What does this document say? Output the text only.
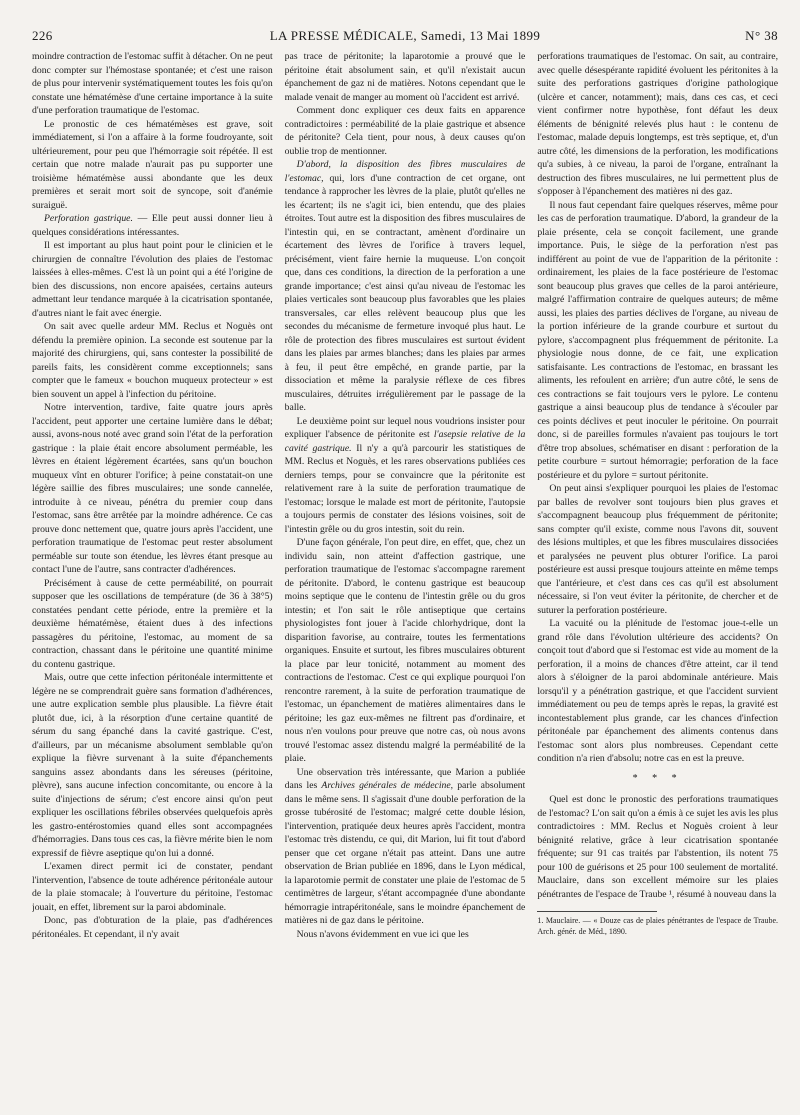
226	LA PRESSE MÉDICALE, Samedi, 13 Mai 1899	N° 38

moindre contraction de l'estomac suffit à détacher. On ne peut donc compter sur l'hémostase spontanée; et c'est une raison de plus pour intervenir systématiquement toutes les fois qu'on constate une hématémèse d'une certaine importance à la suite d'une perforation traumatique de l'estomac.

Le pronostic de ces hématémèses est grave, soit immédiatement, si l'on a affaire à la forme foudroyante, soit ultérieurement, pour peu que l'hémorragie soit répétée. Il est certain que notre malade n'aurait pas pu supporter une troisième hématémèse aussi abondante que les deux premières et serait mort soit de syncope, soit d'anémie suraiguë.

Perforation gastrique. — Elle peut aussi donner lieu à quelques considérations intéressantes.

Il est important au plus haut point pour le clinicien et le chirurgien de connaître l'évolution des plaies de l'estomac laissées à elles-mêmes. C'est là un point qui a été l'origine de bien des discussions, non encore apaisées, certains auteurs admettant leur tendance marquée à la cicatrisation spontanée, d'autres niant le fait avec énergie.

On sait avec quelle ardeur MM. Reclus et Noguès ont défendu la première opinion. La seconde est soutenue par la majorité des chirurgiens, qui, sans contester la possibilité de pareils faits, les considèrent comme exceptionnels; sans compter que le fameux « bouchon muqueux protecteur » est bien souvent un appel à l'infection du péritoine.

Notre intervention, tardive, faite quatre jours après l'accident, peut apporter une certaine lumière dans le débat; aussi, avons-nous noté avec grand soin l'état de la perforation gastrique : la plaie était encore absolument perméable, les lèvres en étaient légèrement écartées, sans qu'un bouchon muqueux vînt en obturer l'orifice; à peine constatait-on une légère saillie des fibres musculaires; une sonde cannelée, introduite à ce niveau, pénétra du premier coup dans l'estomac, sans être arrêtée par la moindre adhérence. Ce cas prouve donc nettement que, quatre jours après l'accident, une perforation traumatique de l'estomac peut rester absolument perméable sur toute son étendue, les lèvres étant presque au contact l'une de l'autre, sans contracter d'adhérences.

Précisément à cause de cette perméabilité, on pourrait supposer que les oscillations de température (de 36 à 38°5) constatées pendant cette période, entre la première et la deuxième hématémèse, étaient dues à des infections passagères du péritoine, l'estomac, au moment de sa contraction, chassant dans le péritoine une quantité minime du contenu gastrique.

Mais, outre que cette infection péritonéale intermittente et légère ne se comprendrait guère sans formation d'adhérences, une autre explication semble plus plausible. La fièvre était plutôt due, ici, à la résorption d'une certaine quantité de sérum du sang épanché dans la cavité gastrique. C'est, d'ailleurs, par un mécanisme absolument semblable qu'on explique la fièvre survenant à la suite d'épanchements sanguins assez abondants dans les séreuses (péritoine, plèvre), sans aucune infection concomitante, ou encore à la suite d'injections de sérum; c'est encore ainsi qu'on peut expliquer les oscillations fébriles observées quelquefois après les gastro-entérostomies quand elles sont accompagnées d'hémorragies. Dans tous ces cas, la fièvre mérite bien le nom expressif de fièvre aseptique qu'on lui a donné.

L'examen direct permit ici de constater, pendant l'intervention, l'absence de toute adhérence péritonéale autour de la plaie stomacale; à l'ouverture du péritoine, l'estomac jouait, en effet, librement sur la paroi abdominale.

Donc, pas d'obturation de la plaie, pas d'adhérences péritonéales. Et cependant, il n'y avait

pas trace de péritonite; la laparotomie a prouvé que le péritoine était absolument sain, et qu'il n'existait aucun épanchement de gaz ni de matières. Notons cependant que le malade venait de manger au moment où l'accident est arrivé.

Comment donc expliquer ces deux faits en apparence contradictoires : perméabilité de la plaie gastrique et absence de péritonite? Cela tient, pour nous, à deux causes qu'on oublie trop de mentionner.

D'abord, la disposition des fibres musculaires de l'estomac, qui, lors d'une contraction de cet organe, ont tendance à rapprocher les lèvres de la plaie, plutôt qu'elles ne les écartent; ils ne s'agit ici, bien entendu, que des plaies étroites. Tout autre est la disposition des fibres musculaires de l'intestin qui, en se contractant, amènent d'ordinaire un écartement des lèvres de l'orifice à travers lequel, précisément, vient faire hernie la muqueuse. L'on conçoit que, dans ces conditions, la direction de la perforation a une grande importance; c'est ainsi qu'au niveau de l'estomac les plaies verticales sont beaucoup plus favorables que les plaies transversales, car elles relèvent beaucoup plus que les secondes du mécanisme de fermeture invoqué plus haut. Le rôle de protection des fibres musculaires est surtout évident dans les plaies par armes blanches; dans les plaies par armes à feu, il peut être empêché, en grande partie, par la dissociation et même la paralysie réflexe de ces fibres musculaires, détruites irrégulièrement par le passage de la balle.

Le deuxième point sur lequel nous voudrions insister pour expliquer l'absence de péritonite est l'asepsie relative de la cavité gastrique. Il n'y a qu'à parcourir les statistiques de MM. Reclus et Noguès, et les rares observations publiées ces derniers temps, pour se convaincre que la péritonite est relativement rare à la suite de perforation traumatique de l'estomac; lorsque le malade est mort de péritonite, l'autopsie a toujours permis de constater des lésions voisines, soit de l'intestin grêle ou du gros intestin, soit du rein.

D'une façon générale, l'on peut dire, en effet, que, chez un individu sain, non atteint d'affection gastrique, une perforation traumatique de l'estomac s'accompagne rarement de péritonite. D'abord, le contenu gastrique est beaucoup moins septique que le contenu de l'intestin grêle ou du gros intestin; et l'on sait le rôle antiseptique que certains physiologistes font jouer à l'acide chlorhydrique, dont la disparition favorise, au contraire, toutes les fermentations organiques. Ensuite et surtout, les fibres musculaires obturent la place par leur tonicité, notamment au moment des contractions de l'estomac. C'est ce qui explique pourquoi l'on rencontre rarement, à la suite de perforation traumatique de l'estomac, un épanchement de matières alimentaires dans le péritoine; les gaz eux-mêmes ne filtrent pas d'ordinaire, et nous n'en voulons pour preuve que notre cas, où nous avons trouvé l'estomac assez distendu malgré la perméabilité de la plaie.

Une observation très intéressante, que Marion a publiée dans les Archives générales de médecine, parle absolument dans le même sens. Il s'agissait d'une double perforation de la grosse tubérosité de l'estomac; malgré cette double lésion, l'intervention, pratiquée deux heures après l'accident, montra l'estomac très distendu, ce qui, dit Marion, lui fit tout d'abord penser que cet organe n'était pas atteint. Dans une autre observation de Brian publiée en 1896, dans le Lyon médical, la laparotomie permit de constater une plaie de l'estomac de 5 centimètres de largeur, s'étant accompagnée d'une abondante hémorragie intrapéritonéale, sans le moindre épanchement de matières ni de gaz dans le péritoine.

Nous n'avons évidemment en vue ici que les

perforations traumatiques de l'estomac. On sait, au contraire, avec quelle désespérante rapidité évoluent les péritonites à la suite des perforations gastriques d'origine pathologique (ulcère et cancer, notamment); mais, dans ces cas, et ceci vient confirmer notre hypothèse, font défaut les deux éléments de bénignité relevés plus haut : le contenu de l'estomac, malade depuis longtemps, est très septique, et, d'un autre côté, les dimensions de la perforation, les modifications qu'a subies, à ce niveau, la paroi de l'organe, entraînant la destruction des fibres musculaires, ne lui permettent plus de s'opposer à l'épanchement des matières ni des gaz.

Il nous faut cependant faire quelques réserves, même pour les cas de perforation traumatique. D'abord, la grandeur de la plaie présente, cela se conçoit facilement, une grande importance. Puis, le siège de la perforation n'est pas indifférent au point de vue de l'apparition de la péritonite : ordinairement, les plaies de la face postérieure de l'estomac sont beaucoup plus graves que celles de la paroi antérieure, malgré l'affirmation contraire de quelques auteurs; de même aussi, les plaies des parties déclives de l'organe, au niveau de la portion inférieure de la grande courbure et surtout du pylore, s'accompagnent plus fréquemment de péritonite. La physiologie nous donne, de ce fait, une explication satisfaisante. Les contractions de l'estomac, en brassant les aliments, les refoulent en arrière; d'un autre côté, le sens de ces contractions se fait toujours vers le pylore. Le contenu gastrique a ainsi beaucoup plus de tendance à s'écouler par ces points déclives et peut inoculer le péritoine. On pourrait donc, si de pareilles formules n'avaient pas toujours le tort d'être trop absolues, schématiser en disant : perforation de la petite courbure = surtout hémorragie; perforation de la face postérieure et du pylore = surtout péritonite.

On peut ainsi s'expliquer pourquoi les plaies de l'estomac par balles de revolver sont toujours bien plus graves et s'accompagnent beaucoup plus fréquemment de péritonite; sans compter qu'il existe, comme nous l'avons dit, souvent des lésions multiples, et que les fibres musculaires dissociées et paralysées ne peuvent plus obturer l'orifice. La paroi postérieure est aussi presque toujours atteinte en même temps que l'antérieure, et c'est dans ces cas qu'il est absolument nécessaire, si l'on veut éviter la péritonite, de chercher et de suturer la perforation postérieure.

La vacuité ou la plénitude de l'estomac joue-t-elle un grand rôle dans l'évolution ultérieure des accidents? On conçoit tout d'abord que si l'estomac est vide au moment de la perforation, il a moins de chances d'être atteint, car il tend alors à s'éloigner de la paroi abdominale antérieure. Mais lorsqu'il y a pénétration gastrique, et que l'accident survient immédiatement ou peu de temps après le repas, la gravité est incontestablement plus grande, car les chances d'infection péritonéale par épanchement des aliments contenus dans l'estomac sont alors plus nombreuses. Cependant cette condition n'a rien d'absolu; notre cas en est la preuve.

* * *

Quel est donc le pronostic des perforations traumatiques de l'estomac? L'on sait qu'on a émis à ce sujet les avis les plus contradictoires : MM. Reclus et Noguès croient à leur bénignité relative, grâce à leur cicatrisation spontanée fréquente; sur 91 cas traités par l'abstention, ils notent 75 pour 100 de guérisons et 25 pour 100 seulement de mortalité. Mauclaire, dans son excellent mémoire sur les plaies pénétrantes de l'espace de Traube ¹, résumé à nouveau dans la

1. Mauclaire. — « Douze cas de plaies pénétrantes de l'espace de Traube. Arch. génér. de Méd., 1890.
